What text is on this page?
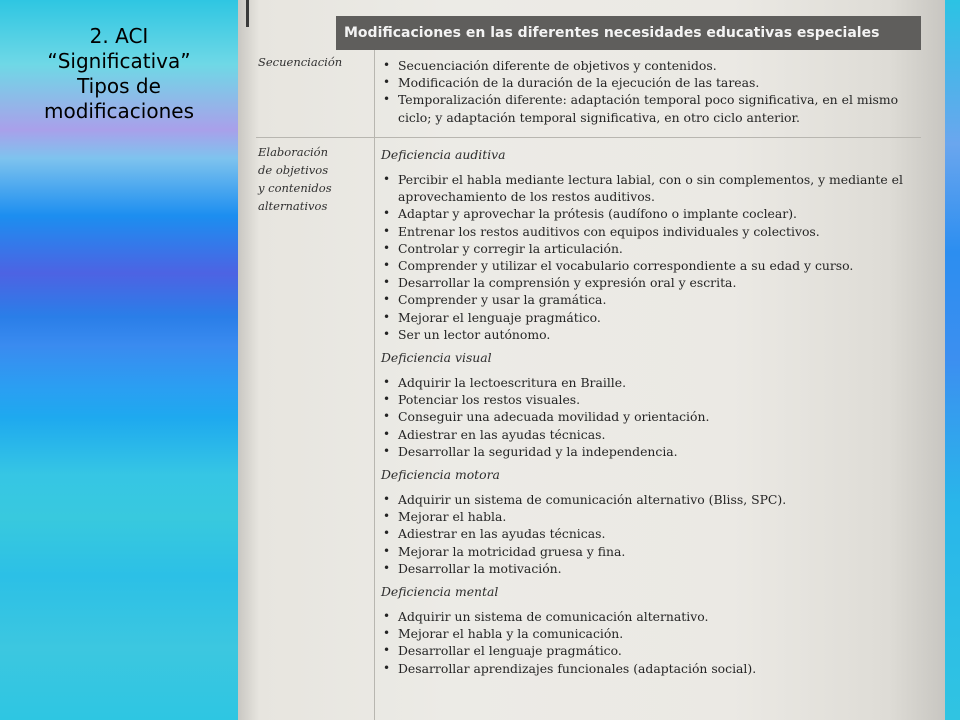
2. ACI
“Significativa”
Tipos de
modificaciones
Modificaciones en las diferentes necesidades educativas especiales
Secuenciación
•	Secuenciación diferente de objetivos y contenidos.
• Modificación de la duración de la ejecución de las tareas.
• Temporalización diferente: adaptación temporal poco significativa, en el mismo
ciclo; y adaptación temporal significativa, en otro ciclo anterior.
Elaboración
de objetivos
y contenidos
alternativos
Deficiencia auditiva
• Percibir el habla mediante lectura labial, con o sin complementos, y mediante el
aprovechamiento de los restos auditivos.
• Adaptar y aprovechar la prótesis (audífono o implante coclear).
• Entrenar los restos auditivos con equipos individuales y colectivos.
• Controlar y corregir la articulación.
• Comprender y utilizar el vocabulario correspondiente a su edad y curso.
• Desarrollar la comprensión y expresión oral y escrita.
• Comprender y usar la gramática.
• Mejorar el lenguaje pragmático.
• Ser un lector autónomo.
Deficiencia visual
• Adquirir la lectoescritura en Braille.
• Potenciar los restos visuales.
• Conseguir una adecuada movilidad y orientación.
• Adiestrar en las ayudas técnicas.
• Desarrollar la seguridad y la independencia.
Deficiencia motora
• Adquirir un sistema de comunicación alternativo (Bliss, SPC).
• Mejorar el habla.
• Adiestrar en las ayudas técnicas.
• Mejorar la motricidad gruesa y fina.
• Desarrollar la motivación.
Deficiencia mental
• Adquirir un sistema de comunicación alternativo.
• Mejorar el habla y la comunicación.
• Desarrollar el lenguaje pragmático.
• Desarrollar aprendizajes funcionales (adaptación social).
